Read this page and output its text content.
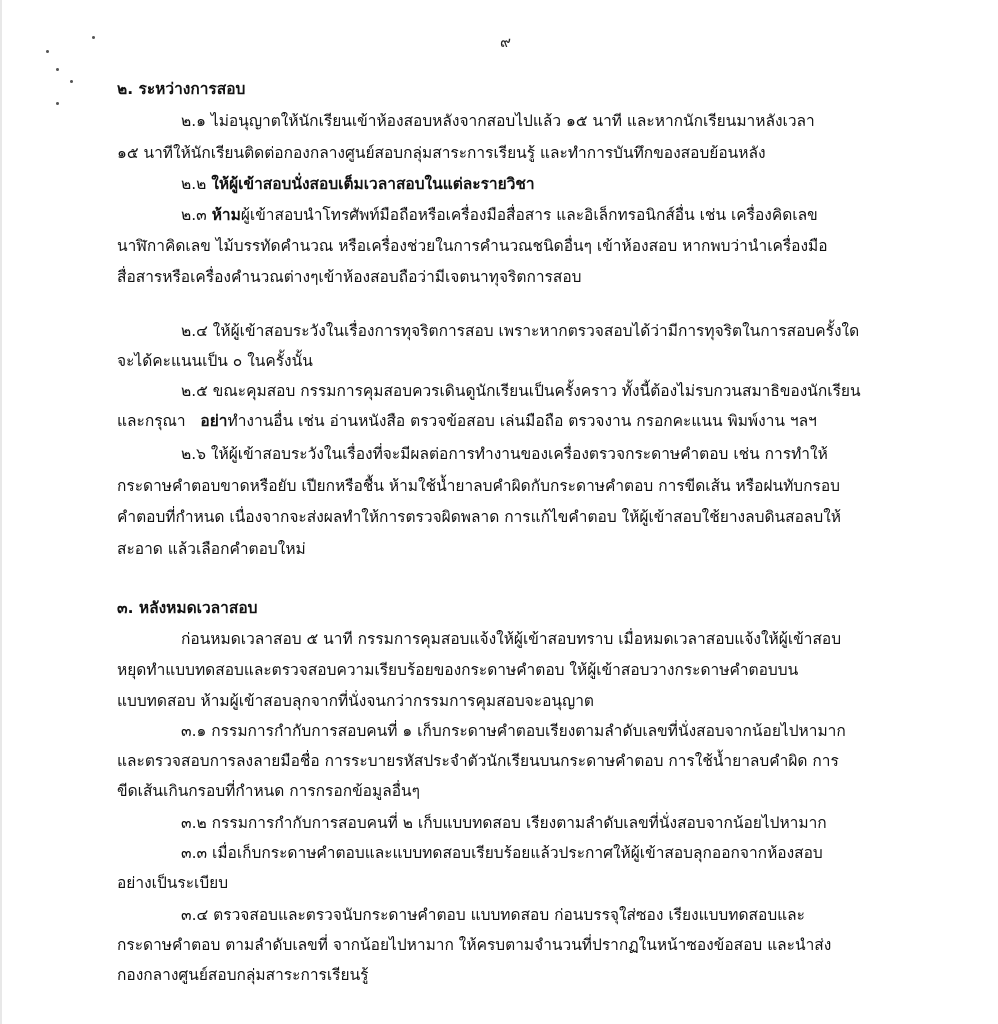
๙
๒. ระหว่างการสอบ
๒.๑ ไม่อนุญาตให้นักเรียนเข้าห้องสอบหลังจากสอบไปแล้ว ๑๕ นาที และหากนักเรียนมาหลังเวลา
๑๕ นาทีให้นักเรียนติดต่อกองกลางศูนย์สอบกลุ่มสาระการเรียนรู้ และทำการบันทึกของสอบย้อนหลัง
๒.๒ ให้ผู้เข้าสอบนั่งสอบเต็มเวลาสอบในแต่ละรายวิชา
๒.๓ ห้ามผู้เข้าสอบนำโทรศัพท์มือถือหรือเครื่องมือสื่อสาร และอิเล็กทรอนิกส์อื่น เช่น เครื่องคิดเลข
นาฬิกาคิดเลข ไม้บรรทัดคำนวณ หรือเครื่องช่วยในการคำนวณชนิดอื่นๆ เข้าห้องสอบ หากพบว่านำเครื่องมือ
สื่อสารหรือเครื่องคำนวณต่างๆเข้าห้องสอบถือว่ามีเจตนาทุจริตการสอบ
๒.๔ ให้ผู้เข้าสอบระวังในเรื่องการทุจริตการสอบ เพราะหากตรวจสอบได้ว่ามีการทุจริตในการสอบครั้งใด
จะได้คะแนนเป็น ๐ ในครั้งนั้น
๒.๕ ขณะคุมสอบ กรรมการคุมสอบควรเดินดูนักเรียนเป็นครั้งคราว ทั้งนี้ต้องไม่รบกวนสมาธิของนักเรียน
และกรุณา   อย่าทำงานอื่น เช่น อ่านหนังสือ ตรวจข้อสอบ เล่นมือถือ ตรวจงาน กรอกคะแนน พิมพ์งาน ฯลฯ
๒.๖ ให้ผู้เข้าสอบระวังในเรื่องที่จะมีผลต่อการทำงานของเครื่องตรวจกระดาษคำตอบ เช่น การทำให้
กระดาษคำตอบขาดหรือยับ เปียกหรือชื้น ห้ามใช้น้ำยาลบคำผิดกับกระดาษคำตอบ การขีดเส้น หรือฝนทับกรอบ
คำตอบที่กำหนด เนื่องจากจะส่งผลทำให้การตรวจผิดพลาด การแก้ไขคำตอบ ให้ผู้เข้าสอบใช้ยางลบดินสอลบให้
สะอาด แล้วเลือกคำตอบใหม่
๓. หลังหมดเวลาสอบ
ก่อนหมดเวลาสอบ ๕ นาที กรรมการคุมสอบแจ้งให้ผู้เข้าสอบทราบ เมื่อหมดเวลาสอบแจ้งให้ผู้เข้าสอบ
หยุดทำแบบทดสอบและตรวจสอบความเรียบร้อยของกระดาษคำตอบ ให้ผู้เข้าสอบวางกระดาษคำตอบบน
แบบทดสอบ ห้ามผู้เข้าสอบลุกจากที่นั่งจนกว่ากรรมการคุมสอบจะอนุญาต
๓.๑ กรรมการกำกับการสอบคนที่ ๑ เก็บกระดาษคำตอบเรียงตามลำดับเลขที่นั่งสอบจากน้อยไปหามาก
และตรวจสอบการลงลายมือชื่อ การระบายรหัสประจำตัวนักเรียนบนกระดาษคำตอบ การใช้น้ำยาลบคำผิด การ
ขีดเส้นเกินกรอบที่กำหนด การกรอกข้อมูลอื่นๆ
๓.๒ กรรมการกำกับการสอบคนที่ ๒ เก็บแบบทดสอบ เรียงตามลำดับเลขที่นั่งสอบจากน้อยไปหามาก
๓.๓ เมื่อเก็บกระดาษคำตอบและแบบทดสอบเรียบร้อยแล้วประกาศให้ผู้เข้าสอบลุกออกจากห้องสอบ
อย่างเป็นระเบียบ
๓.๔ ตรวจสอบและตรวจนับกระดาษคำตอบ แบบทดสอบ ก่อนบรรจุใส่ซอง เรียงแบบทดสอบและ
กระดาษคำตอบ ตามลำดับเลขที่ จากน้อยไปหามาก ให้ครบตามจำนวนที่ปรากฏในหน้าซองข้อสอบ และนำส่ง
กองกลางศูนย์สอบกลุ่มสาระการเรียนรู้
